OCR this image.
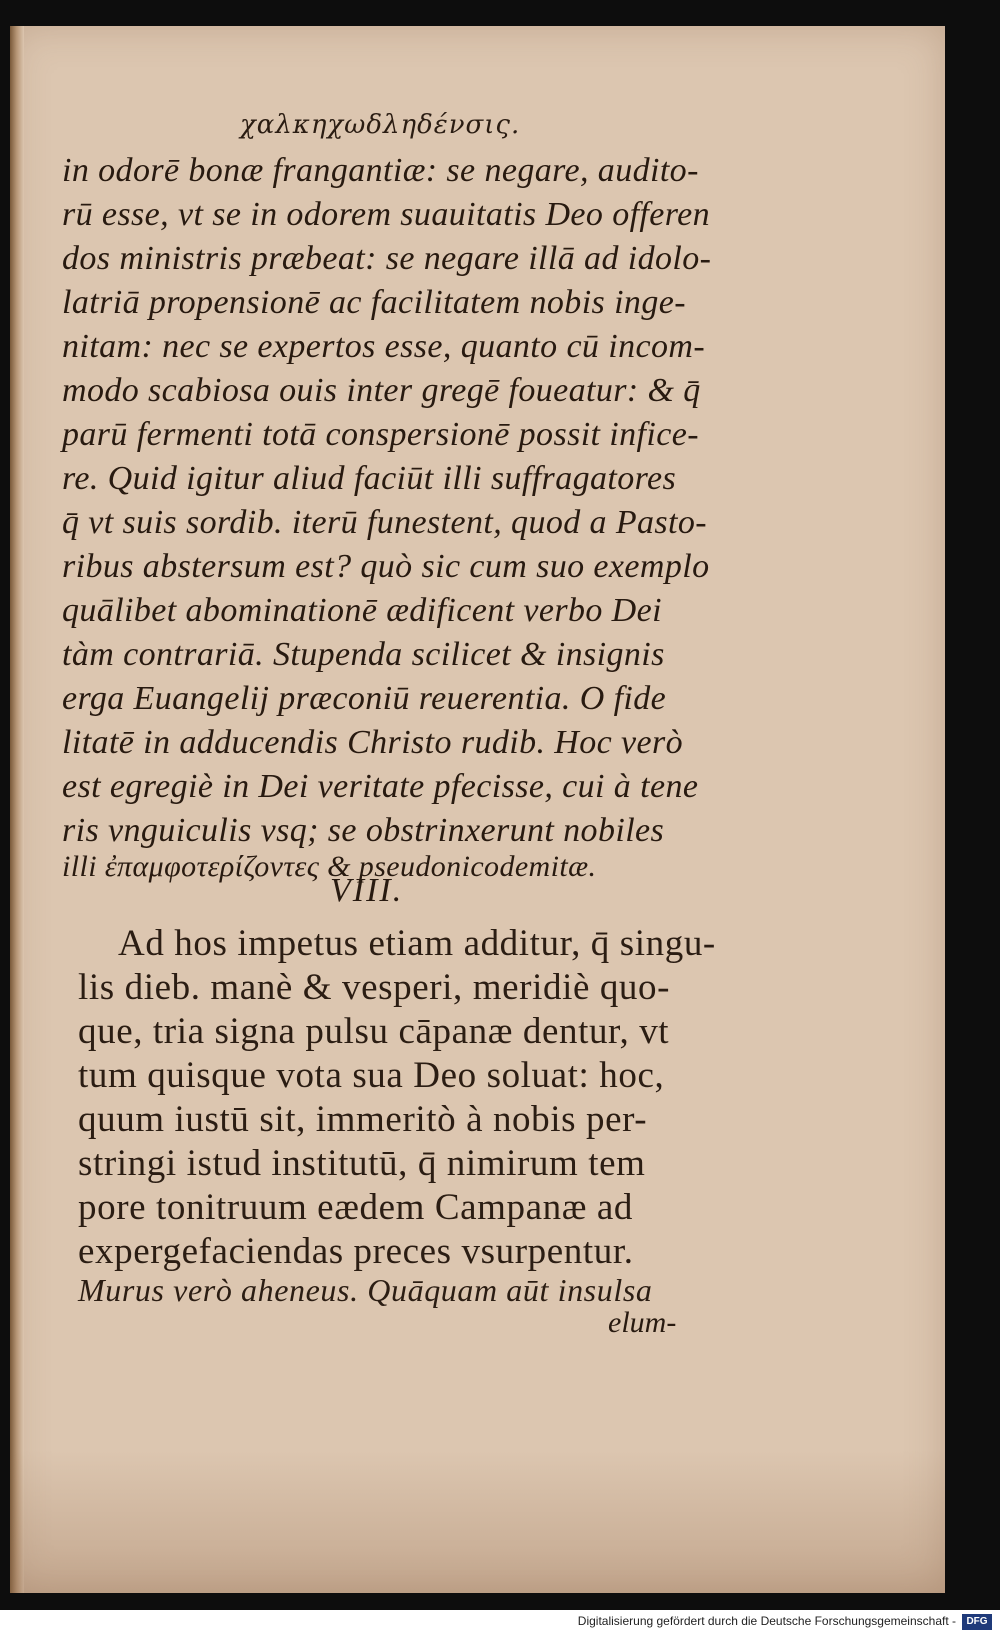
χαλκηχωδληδένσις.
in odorē bonæ frangantiæ: se negare, audito-
rū esse, vt se in odorem suauitatis Deo offeren
dos ministris præbeat: se negare illā ad idolo-
latriā propensionē ac facilitatem nobis inge-
nitam: nec se expertos esse, quanto cū incom-
modo scabiosa ouis inter gregē foueatur: & q̄
parū fermenti totā conspersionē possit infice-
re. Quid igitur aliud faciūt illi suffragatores
q̄ vt suis sordib. iterū funestent, quod a Pasto-
ribus abstersum est? quò sic cum suo exemplo
quālibet abominationē ædificent verbo Dei
tàm contrariā. Stupenda scilicet & insignis
erga Euangelij præconiū reuerentia. O fide
litatē in adducendis Christo rudib. Hoc verò
est egregiè in Dei veritate pfecisse, cui à tene
ris vnguiculis vsq; se obstrinxerunt nobiles
illi ἐπαμφοτερίζοντες & pseudonicodemitæ.
VIII.
Ad hos impetus etiam additur, q̄ singu-
lis dieb. manè & vesperi, meridiè quo-
que, tria signa pulsu cāpanæ dentur, vt
tum quisque vota sua Deo soluat: hoc,
quum iustū sit, immeritò à nobis per-
stringi istud institutū, q̄ nimirum tem
pore tonitruum eædem Campanæ ad
expergefaciendas preces vsurpentur.
Murus verò aheneus. Quāquam aūt insulsa
elum-
Digitalisierung gefördert durch die Deutsche Forschungsgemeinschaft -	DFG
